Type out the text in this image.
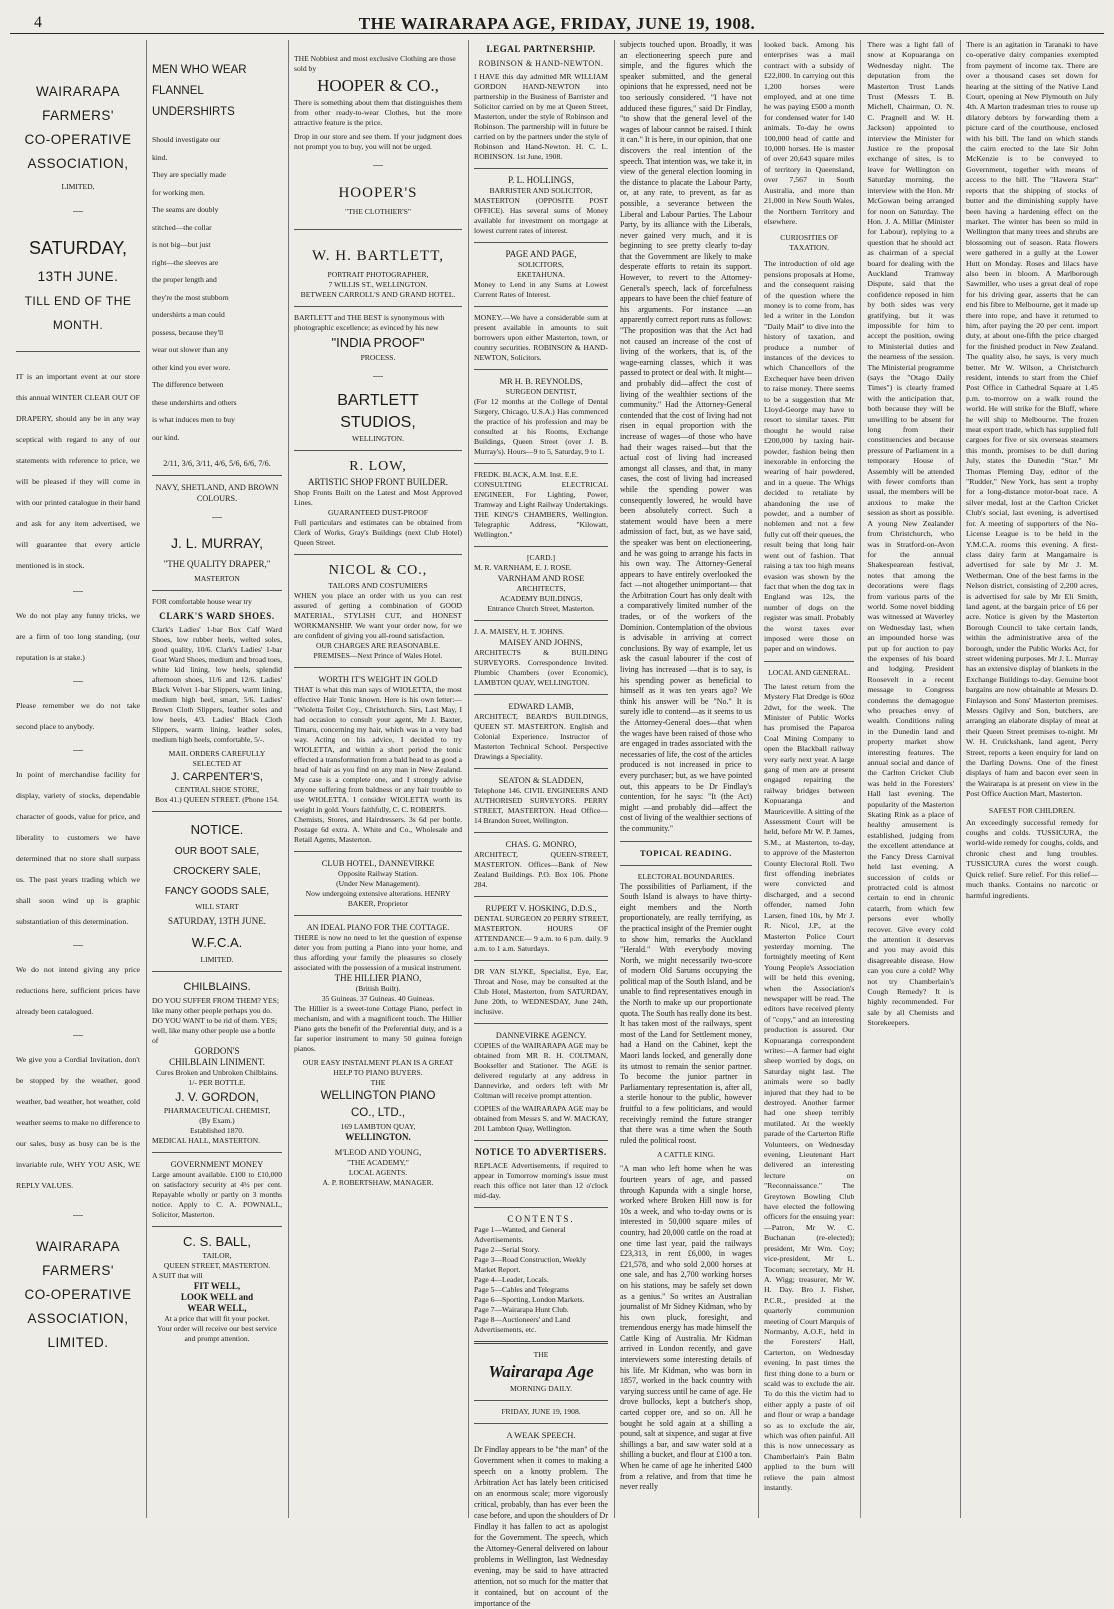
4	THE WAIRARAPA AGE, FRIDAY, JUNE 19, 1908.
WAIRARAPA
FARMERS'
CO-OPERATIVE
ASSOCIATION,
LIMITED,
—
SATURDAY,
13TH JUNE.
TILL END OF THE
MONTH.
IT is an important event at our store this annual WINTER CLEAR OUT OF DRAPERY, should any be in any way sceptical with regard to any of our statements with reference to price, we will be pleased if they will come in with our printed catalogue in their hand and ask for any item advertised, we will guarantee that every article mentioned is in stock.
—
We do not play any funny tricks, we are a firm of too long standing, (our reputation is at stake.)
—
Please remember we do not take second place to anybody.
—
In point of merchandise facility for display, variety of stocks, dependable character of goods, value for price, and liberality to customers we have determined that no store shall surpass us. The past years trading which we shall soon wind up is graphic substantiation of this determination.
—
We do not intend giving any price reductions here, sufficient prices have already been catalogued.
—
We give you a Cordial Invitation, don't be stopped by the weather, good weather, bad weather, hot weather, cold weather seems to make no difference to our sales, busy as busy can be is the invariable rule, WHY YOU ASK, WE REPLY VALUES.
—
WAIRARAPA
FARMERS'
CO-OPERATIVE
ASSOCIATION,
LIMITED.
MEN WHO WEAR
FLANNEL
UNDERSHIRTS
Should investigate our
kind.
They are specially made
for working men.
The seams are doubly
stitched—the collar
is not big—but just
right—the sleeves are
the proper length and
they're the most stubborn
undershirts a man could
possess, because they'll
wear out slower than any
other kind you ever wore.
The difference between
these undershirts and others
is what induces men to buy
our kind.
2/11, 3/6, 3/11, 4/6, 5/6, 6/6, 7/6.
NAVY, SHETLAND, AND BROWN COLOURS.
—
J. L. MURRAY,
"THE QUALITY DRAPER,"
MASTERTON
FOR comfortable house wear try
CLARK'S WARD SHOES.
Clark's Ladies' 1-bar Box Calf Ward Shoes, low rubber heels, welted soles, good quality, 10/6. Clark's Ladies' 1-bar Goat Ward Shoes, medium and broad toes, white kid lining, low heels, splendid afternoon shoes, 11/6 and 12/6. Ladies' Black Velvet 1-bar Slippers, warm lining, medium high heel, smart, 5/6. Ladies' Brown Cloth Slippers, leather soles and low heels, 4/3. Ladies' Black Cloth Slippers, warm lining, leather soles, medium high heels, comfortable, 5/-.
MAIL ORDERS CAREFULLY
SELECTED AT
J. CARPENTER'S,
CENTRAL SHOE STORE,
Box 41.) QUEEN STREET. (Phone 154.
NOTICE.
OUR BOOT SALE,
CROCKERY SALE,
FANCY GOODS SALE,
WILL START
SATURDAY, 13TH JUNE.
W.F.C.A.
LIMITED.
CHILBLAINS.
DO YOU SUFFER FROM THEM? YES; like many other people perhaps you do. DO YOU WANT to be rid of them. YES; well, like many other people use a bottle of
GORDON'S
CHILBLAIN LINIMENT.
Cures Broken and Unbroken Chilblains.
1/- PER BOTTLE.
J. V. GORDON,
PHARMACEUTICAL CHEMIST,
(By Exam.)
Established 1870.
MEDICAL HALL, MASTERTON.
GOVERNMENT MONEY
Large amount available. £100 to £10,000 on satisfactory security at 4½ per cent. Repayable wholly or partly on 3 months notice. Apply to C. A. POWNALL, Solicitor, Masterton.
C. S. BALL,
TAILOR,
QUEEN STREET, MASTERTON.
A SUIT that will
FIT WELL,
LOOK WELL and
WEAR WELL,
At a price that will fit your pocket.
Your order will receive our best service and prompt attention.
THE Nobbiest and most exclusive Clothing are those sold by
HOOPER & CO.,
There is something about them that distinguishes them from other ready-to-wear Clothes, but the more attractive feature is the price.
Drop in our store and see them. If your judgment does not prompt you to buy, you will not be urged.
—
HOOPER'S
"THE CLOTHIER'S"
W. H. BARTLETT,
PORTRAIT PHOTOGRAPHER,
7 WILLIS ST., WELLINGTON.
BETWEEN CARROLL'S AND GRAND HOTEL.
BARTLETT and THE BEST is synonymous with photographic excellence; as evinced by his new
"INDIA PROOF"
PROCESS.
—
BARTLETT
STUDIOS,
WELLINGTON.
R. LOW,
ARTISTIC SHOP FRONT BUILDER.
Shop Fronts Built on the Latest and Most Approved Lines.
GUARANTEED DUST-PROOF
Full particulars and estimates can be obtained from Clerk of Works, Gray's Buildings (next Club Hotel) Queen Street.
NICOL & CO.,
TAILORS AND COSTUMIERS
WHEN you place an order with us you can rest assured of getting a combination of GOOD MATERIAL, STYLISH CUT, and HONEST WORKMANSHIP. We want your order now, for we are confident of giving you all-round satisfaction.
OUR CHARGES ARE REASONABLE.
PREMISES—Next Prince of Wales Hotel.
WORTH IT'S WEIGHT IN GOLD
THAT is what this man says of WIOLETTA, the most effective Hair Tonic known. Here is his own letter:— "Wioletta Toilet Coy., Christchurch. Sirs, Last May, I had occasion to consult your agent, Mr J. Baxter, Timaru, concerning my hair, which was in a very bad way. Acting on his advice, I decided to try WIOLETTA, and within a short period the tonic effected a transformation from a bald head to as good a head of hair as you find on any man in New Zealand. My case is a complete one, and I strongly advise anyone suffering from baldness or any hair trouble to use WIOLETTA. I consider WIOLETTA worth its weight in gold. Yours faithfully, C. C. ROBERTS.
Chemists, Stores, and Hairdressers. 3s 6d per bottle. Postage 6d extra. A. White and Co., Wholesale and Retail Agents, Masterton.
CLUB HOTEL, DANNEVIRKE
Opposite Railway Station.
(Under New Management).
Now undergoing extensive alterations. HENRY BAKER, Proprietor
AN IDEAL PIANO FOR THE COTTAGE.
THERE is now no need to let the question of expense deter you from putting a Piano into your home, and thus affording your family the pleasures so closely associated with the possession of a musical instrument.
THE HILLIER PIANO,
(British Built).
35 Guineas. 37 Guineas. 40 Guineas.
The Hillier is a sweet-tone Cottage Piano, perfect in mechanism, and with a magnificent touch. The Hillier Piano gets the benefit of the Preferential duty, and is a far superior instrument to many 50 guinea foreign pianos.
OUR EASY INSTALMENT PLAN IS A GREAT HELP TO PIANO BUYERS.
THE
WELLINGTON PIANO
CO., LTD.,
169 LAMBTON QUAY,
WELLINGTON.
M'LEOD AND YOUNG,
"THE ACADEMY,"
LOCAL AGENTS.
A. P. ROBERTSHAW, MANAGER.
LEGAL PARTNERSHIP.
ROBINSON & HAND-NEWTON.
I HAVE this day admitted MR WILLIAM GORDON HAND-NEWTON into partnership in the Business of Barrister and Solicitor carried on by me at Queen Street, Masterton, under the style of Robinson and Robinson. The partnership will in future be carried on by the partners under the style of Robinson and Hand-Newton. H. C. L. ROBINSON. 1st June, 1908.
P. L. HOLLINGS,
BARRISTER AND SOLICITOR,
MASTERTON (OPPOSITE POST OFFICE). Has several sums of Money available for investment on mortgage at lowest current rates of interest.
PAGE AND PAGE,
SOLICITORS,
EKETAHUNA.
Money to Lend in any Sums at Lowest Current Rates of Interest.
MONEY.—We have a considerable sum at present available in amounts to suit borrowers upon either Masterton, town, or country securities. ROBINSON & HAND-NEWTON, Solicitors.
MR H. B. REYNOLDS,
SURGEON DENTIST,
(For 12 months at the College of Dental Surgery, Chicago, U.S.A.) Has commenced the practice of his profession and may be consulted at his Rooms, Exchange Buildings, Queen Street (over J. B. Murray's). Hours—9 to 5, Saturday, 9 to 1.
FREDK. BLACK, A.M. Inst. E.E.
CONSULTING ELECTRICAL ENGINEER, For Lighting, Power, Tramway and Light Railway Undertakings. THE KING'S CHAMBERS, Wellington. Telegraphic Address, "Kilowatt, Wellington."
[CARD.]
M. R. VARNHAM, E. J. ROSE.
VARNHAM AND ROSE
ARCHITECTS,
ACADEMY BUILDINGS,
Entrance Church Street, Masterton.
J. A. MAISEY, H. T. JOHNS.
MAISEY AND JOHNS,
ARCHITECTS & BUILDING SURVEYORS. Correspondence Invited. Plumbic Chambers (over Economic), LAMBTON QUAY, WELLINGTON.
EDWARD LAMB,
ARCHITECT, BEARD'S BUILDINGS, QUEEN ST. MASTERTON. English and Colonial Experience. Instructor of Masterton Technical School. Perspective Drawings a Speciality.
SEATON & SLADDEN,
Telephone 146. CIVIL ENGINEERS AND AUTHORISED SURVEYORS. PERRY STREET, MASTERTON. Head Office— 14 Brandon Street, Wellington.
CHAS. G. MONRO,
ARCHITECT, QUEEN-STREET, MASTERTON. Offices—Bank of New Zealand Buildings. P.O. Box 106. Phone 284.
RUPERT V. HOSKING, D.D.S.,
DENTAL SURGEON 20 PERRY STREET, MASTERTON. HOURS OF ATTENDANCE— 9 a.m. to 6 p.m. daily. 9 a.m. to 1 a.m. Saturdays.
DR VAN SLYKE, Specialist, Eye, Ear, Throat and Nose, may be consulted at the Club Hotel, Masterton, from SATURDAY, June 20th, to WEDNESDAY, June 24th, inclusive.
DANNEVIRKE AGENCY.
COPIES of the WAIRARAPA AGE may be obtained from MR R. H. COLTMAN, Bookseller and Stationer. The AGE is delivered regularly at any address in Dannevirke, and orders left with Mr Coltman will receive prompt attention.
COPIES of the WAIRARAPA AGE may be obtained from Messrs S. and W. MACKAY, 201 Lambton Quay, Wellington.
NOTICE TO ADVERTISERS.
REPLACE Advertisements, if required to appear in Tomorrow morning's issue must reach this office not later than 12 o'clock mid-day.
CONTENTS.
Page 1—Wanted, and General Advertisements.
Page 2—Serial Story.
Page 3—Road Construction, Weekly Market Report.
Page 4—Leader, Locals.
Page 5—Cables and Telegrams
Page 6—Sporting, London Markets.
Page 7—Wairarapa Hunt Club.
Page 8—Auctioneers' and Land Advertisements, etc.
THE
Wairarapa Age
MORNING DAILY.
FRIDAY, JUNE 19, 1908.
A WEAK SPEECH.
Dr Findlay appears to be "the man" of the Government when it comes to making a speech on a knotty problem. The Arbitration Act has lately been criticised on an enormous scale; more vigorously critical, probably, than has ever been the case before, and upon the shoulders of Dr Findlay it has fallen to act as apologist for the Government. The speech, which the Attorney-General delivered on labour problems in Wellington, last Wednesday evening, may be said to have attracted attention, not so much for the matter that it contained, but on account of the importance of the
subjects touched upon. Broadly, it was an electioneering speech pure and simple, and the figures which the speaker submitted, and the general opinions that he expressed, need not be too seriously considered. "I have not adduced these figures," said Dr Findlay, "to show that the general level of the wages of labour cannot be raised. I think it can." It is here, in our opinion, that one discovers the real intention of the speech. That intention was, we take it, in view of the general election looming in the distance to placate the Labour Party, or, at any rate, to prevent, as far as possible, a severance between the Liberal and Labour Parties. The Labour Party, by its alliance with the Liberals, never gained very much, and it is beginning to see pretty clearly to-day that the Government are likely to make desperate efforts to retain its support. However, to revert to the Attorney-General's speech, lack of forcefulness appears to have been the chief feature of his arguments. For instance —an apparently correct report runs as follows: "The proposition was that the Act had not caused an increase of the cost of living of the workers, that is, of the wage-earning classes, which it was passed to protect or deal with. It might—and probably did—affect the cost of living of the wealthier sections of the community." Had the Attorney-General contended that the cost of living had not risen in equal proportion with the increase of wages—of those who have had their wages raised—but that the actual cost of living had increased amongst all classes, and that, in many cases, the cost of living had increased while the spending power was consequently lowered, he would have been absolutely correct. Such a statement would have been a mere admission of fact, but, as we have said, the speaker was bent on electioneering, and he was going to arrange his facts in his own way. The Attorney-General appears to have entirely overlooked the fact —not altogether unimportant— that the Arbitration Court has only dealt with a comparatively limited number of the trades, or of the workers of the Dominion. Contemplation of the obvious is advisable in arriving at correct conclusions. By way of example, let us ask the casual labourer if the cost of living has increased —that is to say, is his spending power as beneficial to himself as it was ten years ago? We think his answer will be "No." It is surely idle to contend—as it seems to us the Attorney-General does—that when the wages have been raised of those who are engaged in trades associated with the necessaries of life, the cost of the articles produced is not increased in price to every purchaser; but, as we have pointed out, this appears to be Dr Findlay's contention, for he says: "It (the Act) might —and probably did—affect the cost of living of the wealthier sections of the community."
TOPICAL READING.
ELECTORAL BOUNDARIES.
The possibilities of Parliament, if the South Island is always to have thirty-eight members and the North proportionately, are really terrifying, as the practical insight of the Premier ought to show him, remarks the Auckland "Herald." With everybody moving North, we might necessarily two-score of modern Old Sarums occupying the political map of the South Island, and be unable to find representatives enough in the North to make up our proportionate quota. The South has really done its best. It has taken most of the railways, spent most of the Land for Settlement money, had a Hand on the Cabinet, kept the Maori lands locked, and generally done its utmost to remain the senior partner. To become the junior partner in Parliamentary representation is, after all, a sterile honour to the public, however fruitful to a few politicians, and would receivingly remind the future stranger that there was a time when the South ruled the political roost.
A CATTLE KING.
"A man who left home when he was fourteen years of age, and passed through Kapunda with a single horse, worked where Broken Hill now is for 10s a week, and who to-day owns or is interested in 50,000 square miles of country, had 20,000 cattle on the road at one time last year, paid the railways £23,313, in rent £6,000, in wages £21,578, and who sold 2,000 horses at one sale, and has 2,700 working horses on his stations, may be safely set down as a genius." So writes an Australian journalist of Mr Sidney Kidman, who by his own pluck, foresight, and tremendous energy has made himself the Cattle King of Australia. Mr Kidman arrived in London recently, and gave interviewers some interesting details of his life. Mr Kidman, who was born in 1857, worked in the back country with varying success until he came of age. He drove bullocks, kept a butcher's shop, carted copper ore, and so on. All he bought he sold again at a shilling a pound, salt at sixpence, and sugar at five shillings a bar, and saw water sold at a shilling a bucket, and flour at £100 a ton. When he came of age he inherited £400 from a relative, and from that time he never really
looked back. Among his enterprises was a mail contract with a subsidy of £22,000. In carrying out this 1,200 horses were employed, and at one time he was paying £500 a month for condensed water for 140 animals. To-day he owns 100,000 head of cattle and 10,000 horses. He is master of over 20,643 square miles of territory in Queensland, over 7,567 in South Australia, and more than 21,000 in New South Wales, the Northern Territory and elsewhere.
CURIOSITIES OF TAXATION.
The introduction of old age pensions proposals at Home, and the consequent raising of the question where the money is to come from, has led a writer in the London "Daily Mail" to dive into the history of taxation, and produce a number of instances of the devices to which Chancellors of the Exchequer have been driven to raise money. There seems to be a suggestion that Mr Lloyd-George may have to resort to similar taxes. Pitt thought he would raise £200,000 by taxing hair-powder, fashion being then inexorable in enforcing the wearing of hair powdered, and in a queue. The Whigs decided to retaliate by abandoning the use of powder, and a number of noblemen and not a few fully cut off their queues, the result being that long hair went out of fashion. That raising a tax too high means evasion was shown by the fact that when the dog tax in England was 12s, the number of dogs on the register was small. Probably the worst taxes ever imposed were those on paper and on windows.
LOCAL AND GENERAL.
The latest return from the Mystery Flat Dredge is 60oz 2dwt, for the week. The Minister of Public Works has promised the Paparoa Coal Mining Company to open the Blackball railway very early next year. A large gang of men are at present engaged repairing the railway bridges between Kopuaranga and Mauriceville. A sitting of the Assessment Court will be held, before Mr W. P. James, S.M., at Masterton, to-day, to approve of the Masterton County Electoral Roll. Two first offending inebriates were convicted and discharged, and a second offender, named John Larsen, fined 10s, by Mr J. R. Nicol, J.P., at the Masterton Police Court yesterday morning. The fortnightly meeting of Kent Young People's Association will be held this evening, when the Association's newspaper will be read. The editors have received plenty of "copy," and an interesting production is assured. Our Kopuaranga correspondent writes:—A farmer had eight sheep worried by dogs, on Saturday night last. The animals were so badly injured that they had to be destroyed. Another farmer had one sheep terribly mutilated. At the weekly parade of the Carterton Rifle Volunteers, on Wednesday evening, Lieutenant Hart delivered an interesting lecture on "Reconnaissance." The Greytown Bowling Club have elected the following officers for the ensuing year:—Patron, Mr W. C. Buchanan (re-elected); president, Mr Wm. Coy; vice-president, Mr L. Tocoman; secretary, Mr H. A. Wigg; treasurer, Mr W. H. Day. Bro J. Fisher, P.C.R., presided at the quarterly communion meeting of Court Marquis of Normanby, A.O.F., held in the Foresters' Hall, Carterton, on Wednesday evening. In past times the first thing done to a burn or scald was to exclude the air. To do this the victim had to either apply a paste of oil and flour or wrap a bandage so as to exclude the air, which was often painful. All this is now unnecessary as Chamberlain's Pain Balm applied to the burn will relieve the pain almost instantly.
There was a light fall of snow at Kopuaranga on Wednesday night. The deputation from the Masterton Trust Lands Trust (Messrs T. B. Michell, Chairman, O. N. C. Pragnell and W. H. Jackson) appointed to interview the Minister for Justice re the proposal exchange of sites, is to leave for Wellington on Saturday morning, the interview with the Hon. Mr McGowan being arranged for noon on Saturday. The Hon. J. A. Millar (Minister for Labour), replying to a question that he should act as chairman of a special board for dealing with the Auckland Tramway Dispute, said that the confidence reposed in him by both sides was very gratifying, but it was impossible for him to accept the position, owing to Ministerial duties and the nearness of the session. The Ministerial programme (says the "Otago Daily Times") is clearly framed with the anticipation that, both because they will be unwilling to be absent for long from their constituencies and because pressure of Parliament in a temporary House of Assembly will be attended with fewer comforts than usual, the members will be anxious to make the session as short as possible. A young New Zealander from Christchurch, who was in Stratford-on-Avon for the annual Shakespearean festival, notes that among the decorations were flags from various parts of the world. Some novel bidding was witnessed at Waverley on Wednesday last, when an impounded horse was put up for auction to pay the expenses of his board and lodging. President Roosevelt in a recent message to Congress condemns the demagogue who preaches envy of wealth. Conditions ruling in the Dunedin land and property market show interesting features. The annual social and dance of the Carlton Cricket Club was held in the Foresters' Hall last evening. The popularity of the Masterton Skating Rink as a place of healthy amusement is established, judging from the excellent attendance at the Fancy Dress Carnival held last evening. A succession of colds or protracted cold is almost certain to end in chronic catarrh, from which few persons ever wholly recover. Give every cold the attention it deserves and you may avoid this disagreeable disease. How can you cure a cold? Why not try Chamberlain's Cough Remedy? It is highly recommended. For sale by all Chemists and Storekeepers.
There is an agitation in Taranaki to have co-operative dairy companies exempted from payment of income tax. There are over a thousand cases set down for hearing at the sitting of the Native Land Court, opening at New Plymouth on July 4th. A Marton tradesman tries to rouse up dilatory debtors by forwarding them a picture card of the courthouse, enclosed with his bill. The land on which stands the cairn erected to the late Sir John McKenzie is to be conveyed to Government, together with means of access to the hill. The "Hawera Star" reports that the shipping of stocks of butter and the diminishing supply have been having a hardening effect on the market. The winter has been so mild in Wellington that many trees and shrubs are blossoming out of season. Rata flowers were gathered in a gully at the Lower Hutt on Monday. Roses and lilacs have also been in bloom. A Marlborough Sawmiller, who uses a great deal of rope for his driving gear, asserts that he can end his fibre to Melbourne, get it made up there into rope, and have it returned to him, after paying the 20 per cent. import duty, at about one-fifth the price charged for the finished product in New Zealand. The quality also, he says, is very much better. Mr W. Wilson, a Christchurch resident, intends to start from the Chief Post Office in Cathedral Square at 1.45 p.m. to-morrow on a walk round the world. He will strike for the Bluff, where he will ship to Melbourne. The frozen meat export trade, which has supplied full cargoes for five or six overseas steamers this month, promises to be dull during July, states the Dunedin "Star." Mr Thomas Pleming Day, editor of the "Rudder," New York, has sent a trophy for a long-distance motor-boat race. A silver medal, lost at the Carlton Cricket Club's social, last evening, is advertised for. A meeting of supporters of the No-License League is to be held in the Y.M.C.A. rooms this evening. A first-class dairy farm at Mangamaire is advertised for sale by Mr J. M. Wetherman. One of the best farms in the Nelson district, consisting of 2,200 acres, is advertised for sale by Mr Eli Smith, land agent, at the bargain price of £6 per acre. Notice is given by the Masterton Borough Council to take certain lands, within the administrative area of the borough, under the Public Works Act, for street widening purposes. Mr J. L. Murray has an extensive display of blankets in the Exchange Buildings to-day. Genuine boot bargains are now obtainable at Messrs D. Finlayson and Sons' Masterton premises. Messrs Ogilvy and Son, butchers, are arranging an elaborate display of meat at their Queen Street premises to-night. Mr W. H. Cruickshank, land agent, Perry Street, reports a keen enquiry for land on the Darling Downs. One of the finest displays of ham and bacon ever seen in the Wairarapa is at present on view in the Post Office Auction Mart, Masterton.
SAFEST FOR CHILDREN.
An exceedingly successful remedy for coughs and colds. TUSSICURA, the world-wide remedy for coughs, colds, and chronic chest and lung troubles. TUSSICURA cures the worst cough. Quick relief. Sure relief. For this relief—much thanks. Contains no narcotic or harmful ingredients.
